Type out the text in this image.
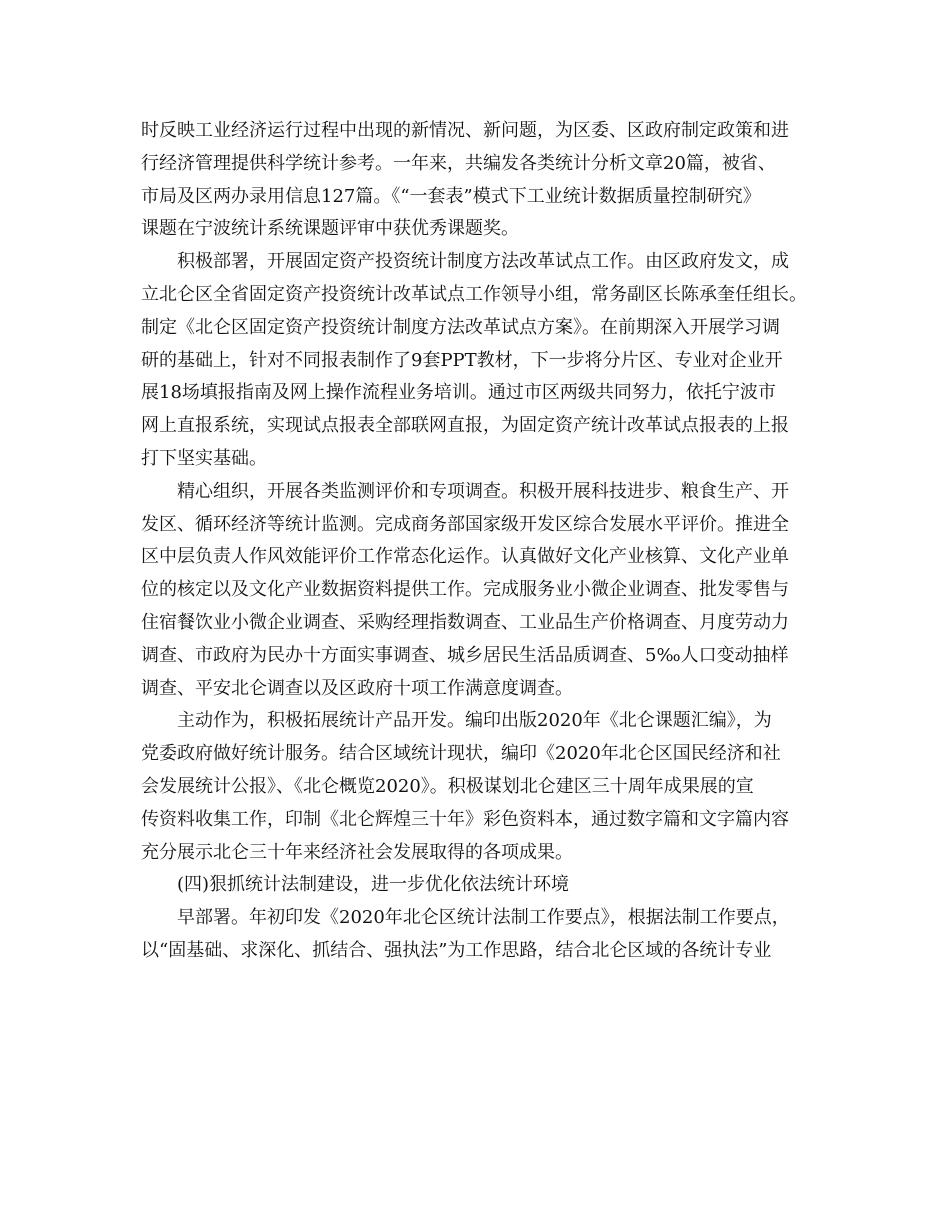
时反映工业经济运行过程中出现的新情况、新问题，为区委、区政府制定政策和进
行经济管理提供科学统计参考。一年来，共编发各类统计分析文章20篇，被省、
市局及区两办录用信息127篇。《“一套表”模式下工业统计数据质量控制研究》
课题在宁波统计系统课题评审中获优秀课题奖。
积极部署，开展固定资产投资统计制度方法改革试点工作。由区政府发文，成
立北仑区全省固定资产投资统计改革试点工作领导小组，常务副区长陈承奎任组长。
制定《北仑区固定资产投资统计制度方法改革试点方案》。在前期深入开展学习调
研的基础上，针对不同报表制作了9套PPT教材，下一步将分片区、专业对企业开
展18场填报指南及网上操作流程业务培训。通过市区两级共同努力，依托宁波市
网上直报系统，实现试点报表全部联网直报，为固定资产统计改革试点报表的上报
打下坚实基础。
精心组织，开展各类监测评价和专项调查。积极开展科技进步、粮食生产、开
发区、循环经济等统计监测。完成商务部国家级开发区综合发展水平评价。推进全
区中层负责人作风效能评价工作常态化运作。认真做好文化产业核算、文化产业单
位的核定以及文化产业数据资料提供工作。完成服务业小微企业调查、批发零售与
住宿餐饮业小微企业调查、采购经理指数调查、工业品生产价格调查、月度劳动力
调查、市政府为民办十方面实事调查、城乡居民生活品质调查、5‰人口变动抽样
调查、平安北仑调查以及区政府十项工作满意度调查。
主动作为，积极拓展统计产品开发。编印出版2020年《北仑课题汇编》，为
党委政府做好统计服务。结合区域统计现状，编印《2020年北仑区国民经济和社
会发展统计公报》、《北仑概览2020》。积极谋划北仑建区三十周年成果展的宣
传资料收集工作，印制《北仑辉煌三十年》彩色资料本，通过数字篇和文字篇内容
充分展示北仑三十年来经济社会发展取得的各项成果。
(四)狠抓统计法制建设，进一步优化依法统计环境
早部署。年初印发《2020年北仑区统计法制工作要点》，根据法制工作要点，
以“固基础、求深化、抓结合、强执法”为工作思路，结合北仑区域的各统计专业
